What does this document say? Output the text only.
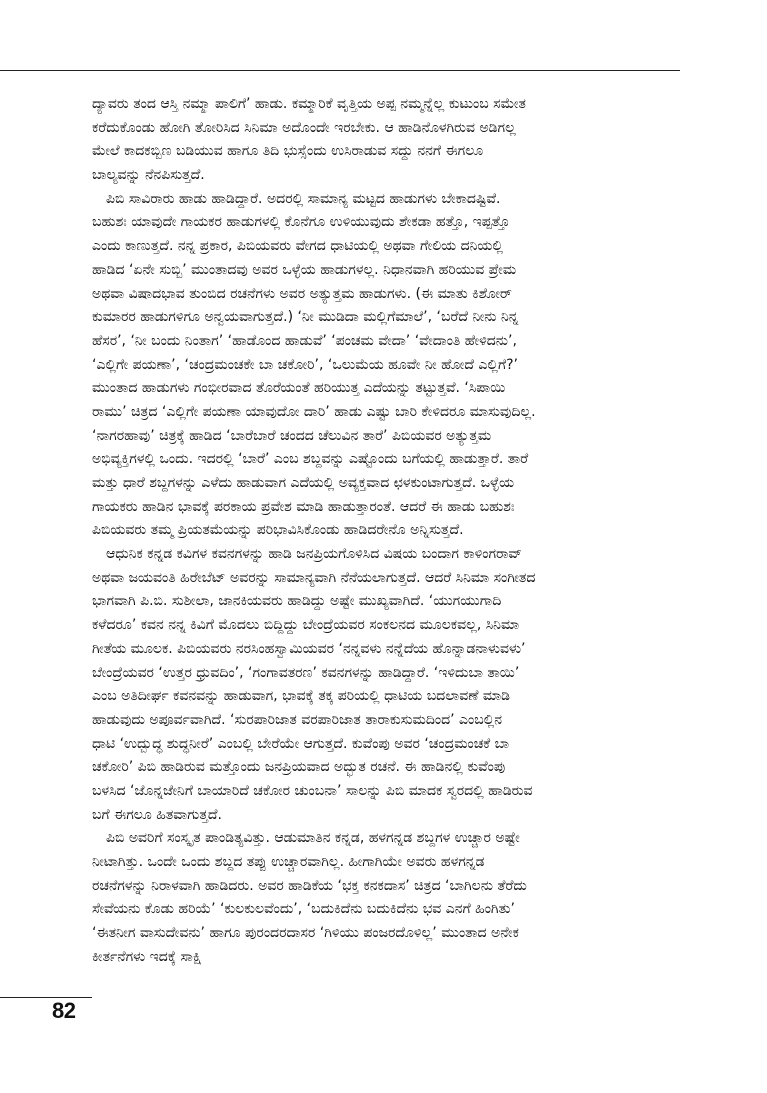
ದ್ಯಾವರು ತಂದ ಆಸ್ತಿ ನಮ್ಮಾ ಪಾಲಿಗೆ’ ಹಾಡು. ಕಮ್ಮಾರಿಕೆ ವೃತ್ತಿಯ ಅಪ್ಪ ನಮ್ಮನ್ನೆಲ್ಲ ಕುಟುಂಬ ಸಮೇತ
ಕರೆದುಕೊಂಡು ಹೋಗಿ ತೋರಿಸಿದ ಸಿನಿಮಾ ಅದೊಂದೇ ಇರಬೇಕು. ಆ ಹಾಡಿನೊಳಗಿರುವ ಅಡಿಗಲ್ಲ
ಮೇಲೆ ಕಾದಕಬ್ಬಿಣ ಬಡಿಯುವ ಹಾಗೂ ತಿದಿ ಭುಸ್ಸೆಂದು ಉಸಿರಾಡುವ ಸದ್ದು ನನಗೆ ಈಗಲೂ
ಬಾಲ್ಯವನ್ನು ನೆನಪಿಸುತ್ತದೆ.
ಪಿಬಿ ಸಾವಿರಾರು ಹಾಡು ಹಾಡಿದ್ದಾರೆ. ಅದರಲ್ಲಿ ಸಾಮಾನ್ಯ ಮಟ್ಟದ ಹಾಡುಗಳು ಬೇಕಾದಷ್ಟಿವೆ.
ಬಹುಶಃ ಯಾವುದೇ ಗಾಯಕರ ಹಾಡುಗಳಲ್ಲಿ ಕೊನೆಗೂ ಉಳಿಯುವುದು ಶೇಕಡಾ ಹತ್ತೊ, ಇಪ್ಪತ್ತೊ
ಎಂದು ಕಾಣುತ್ತದೆ. ನನ್ನ ಪ್ರಕಾರ, ಪಿಬಿಯವರು ವೇಗದ ಧಾಟಿಯಲ್ಲಿ ಅಥವಾ ಗೇಲಿಯ ದನಿಯಲ್ಲಿ
ಹಾಡಿದ ‘ಏನೇ ಸುಬ್ಬಿ’ ಮುಂತಾದವು ಅವರ ಒಳ್ಳೆಯ ಹಾಡುಗಳಲ್ಲ. ನಿಧಾನವಾಗಿ ಹರಿಯುವ ಪ್ರೇಮ
ಅಥವಾ ವಿಷಾದಭಾವ ತುಂಬಿದ ರಚನೆಗಳು ಅವರ ಅತ್ಯುತ್ತಮ ಹಾಡುಗಳು. (ಈ ಮಾತು ಕಿಶೋರ್
ಕುಮಾರರ ಹಾಡುಗಳಿಗೂ ಅನ್ವಯವಾಗುತ್ತದೆ.) ‘ನೀ ಮುಡಿದಾ ಮಲ್ಲಿಗೆಮಾಲೆ’, ‘ಬರೆದೆ ನೀನು ನಿನ್ನ
ಹೆಸರ’, ‘ನೀ ಬಂದು ನಿಂತಾಗ’ ‘ಹಾಡೊಂದ ಹಾಡುವೆ’ ‘ಪಂಚಮ ವೇದಾ’ ‘ವೇದಾಂತಿ ಹೇಳಿದನು’,
‘ಎಲ್ಲಿಗೇ ಪಯಣಾ’, ‘ಚಂದ್ರಮಂಚಕೇ ಬಾ ಚಕೋರಿ’, ‘ಒಲುಮೆಯ ಹೂವೇ ನೀ ಹೋದೆ ಎಲ್ಲಿಗೆ?’
ಮುಂತಾದ ಹಾಡುಗಳು ಗಂಭೀರವಾದ ತೊರೆಯಂತೆ ಹರಿಯುತ್ತ ಎದೆಯನ್ನು ತಟ್ಟುತ್ತವೆ. ‘ಸಿಪಾಯಿ
ರಾಮು’ ಚಿತ್ರದ ‘ಎಲ್ಲಿಗೇ ಪಯಣಾ ಯಾವುದೋ ದಾರಿ’ ಹಾಡು ಎಷ್ಟು ಬಾರಿ ಕೇಳಿದರೂ ಮಾಸುವುದಿಲ್ಲ.
‘ನಾಗರಹಾವು’ ಚಿತ್ರಕ್ಕೆ ಹಾಡಿದ ‘ಬಾರೆಬಾರೆ ಚಂದದ ಚೆಲುವಿನ ತಾರೆ’ ಪಿಬಿಯವರ ಅತ್ಯುತ್ತಮ
ಅಭಿವ್ಯಕ್ತಿಗಳಲ್ಲಿ ಒಂದು. ಇದರಲ್ಲಿ ‘ಬಾರೆ’ ಎಂಬ ಶಬ್ದವನ್ನು ಎಷ್ಟೊಂದು ಬಗೆಯಲ್ಲಿ ಹಾಡುತ್ತಾರೆ. ತಾರೆ
ಮತ್ತು ಧಾರೆ ಶಬ್ದಗಳನ್ನು ಎಳೆದು ಹಾಡುವಾಗ ಎದೆಯಲ್ಲಿ ಅವ್ಯಕ್ತವಾದ ಛಳಕುಂಟಾಗುತ್ತದೆ. ಒಳ್ಳೆಯ
ಗಾಯಕರು ಹಾಡಿನ ಭಾವಕ್ಕೆ ಪರಕಾಯ ಪ್ರವೇಶ ಮಾಡಿ ಹಾಡುತ್ತಾರಂತೆ. ಆದರೆ ಈ ಹಾಡು ಬಹುಶಃ
ಪಿಬಿಯವರು ತಮ್ಮ ಪ್ರಿಯತಮೆಯನ್ನು ಪರಿಭಾವಿಸಿಕೊಂಡು ಹಾಡಿದರೇನೊ ಅನ್ನಿಸುತ್ತದೆ.
ಆಧುನಿಕ ಕನ್ನಡ ಕವಿಗಳ ಕವನಗಳನ್ನು ಹಾಡಿ ಜನಪ್ರಿಯಗೊಳಿಸಿದ ವಿಷಯ ಬಂದಾಗ ಕಾಳಿಂಗರಾವ್
ಅಥವಾ ಜಯವಂತಿ ಹಿರೇಬೆಟ್ ಅವರನ್ನು ಸಾಮಾನ್ಯವಾಗಿ ನೆನೆಯಲಾಗುತ್ತದೆ. ಆದರೆ ಸಿನಿಮಾ ಸಂಗೀತದ
ಭಾಗವಾಗಿ ಪಿ.ಬಿ. ಸುಶೀಲಾ, ಜಾನಕಿಯವರು ಹಾಡಿದ್ದು ಅಷ್ಟೇ ಮುಖ್ಯವಾಗಿದೆ. ‘ಯುಗಯುಗಾದಿ
ಕಳೆದರೂ’ ಕವನ ನನ್ನ ಕಿವಿಗೆ ಮೊದಲು ಬಿದ್ದಿದ್ದು ಬೇಂದ್ರೆಯವರ ಸಂಕಲನದ ಮೂಲಕವಲ್ಲ, ಸಿನಿಮಾ
ಗೀತೆಯ ಮೂಲಕ. ಪಿಬಿಯವರು ನರಸಿಂಹಸ್ವಾಮಿಯವರ ‘ನನ್ನವಳು ನನ್ನೆದೆಯ ಹೊನ್ನಾಡನಾಳುವಳು’
ಬೇಂದ್ರೆಯವರ ‘ಉತ್ತರ ಧ್ರುವದಿಂ’, ‘ಗಂಗಾವತರಣ’ ಕವನಗಳನ್ನು ಹಾಡಿದ್ದಾರೆ. ‘ಇಳಿದುಬಾ ತಾಯಿ’
ಎಂಬ ಅತಿದೀರ್ಘ ಕವನವನ್ನು ಹಾಡುವಾಗ, ಭಾವಕ್ಕೆ ತಕ್ಕ ಪರಿಯಲ್ಲಿ ಧಾಟಿಯ ಬದಲಾವಣೆ ಮಾಡಿ
ಹಾಡುವುದು ಅಪೂರ್ವವಾಗಿದೆ. ‘ಸುರಪಾರಿಜಾತ ವರಪಾರಿಜಾತ ತಾರಾಕುಸುಮದಿಂದ’ ಎಂಬಲ್ಲಿನ
ಧಾಟಿ ‘ಉದ್ಬುದ್ಧ ಶುದ್ಧನೀರೆ’ ಎಂಬಲ್ಲಿ ಬೇರೆಯೇ ಆಗುತ್ತದೆ. ಕುವೆಂಪು ಅವರ ‘ಚಂದ್ರಮಂಚಕೆ ಬಾ
ಚಕೋರಿ’ ಪಿಬಿ ಹಾಡಿರುವ ಮತ್ತೊಂದು ಜನಪ್ರಿಯವಾದ ಅದ್ಭುತ ರಚನೆ. ಈ ಹಾಡಿನಲ್ಲಿ ಕುವೆಂಪು
ಬಳಸಿದ ‘ಜೊನ್ನಜೇನಿಗೆ ಬಾಯಾರಿದೆ ಚಕೋರ ಚುಂಬನಾ’ ಸಾಲನ್ನು ಪಿಬಿ ಮಾದಕ ಸ್ವರದಲ್ಲಿ ಹಾಡಿರುವ
ಬಗೆ ಈಗಲೂ ಹಿತವಾಗುತ್ತದೆ.
ಪಿಬಿ ಅವರಿಗೆ ಸಂಸ್ಕೃತ ಪಾಂಡಿತ್ಯವಿತ್ತು. ಆಡುಮಾತಿನ ಕನ್ನಡ, ಹಳಗನ್ನಡ ಶಬ್ದಗಳ ಉಚ್ಚಾರ ಅಷ್ಟೇ
ನೀಟಾಗಿತ್ತು. ಒಂದೇ ಒಂದು ಶಬ್ದದ ತಪ್ಪು ಉಚ್ಚಾರವಾಗಿಲ್ಲ. ಹೀಗಾಗಿಯೇ ಅವರು ಹಳಗನ್ನಡ
ರಚನೆಗಳನ್ನು ನಿರಾಳವಾಗಿ ಹಾಡಿದರು. ಅವರ ಹಾಡಿಕೆಯ ‘ಭಕ್ತ ಕನಕದಾಸ’ ಚಿತ್ರದ ‘ಬಾಗಿಲನು ತೆರೆದು
ಸೇವೆಯನು ಕೊಡು ಹರಿಯೆ’ ‘ಕುಲಕುಲವೆಂದು’, ‘ಬದುಕಿದೆನು ಬದುಕಿದೆನು ಭವ ಎನಗೆ ಹಿಂಗಿತು’
‘ಈತನೀಗ ವಾಸುದೇವನು’ ಹಾಗೂ ಪುರಂದರದಾಸರ ‘ಗಿಳಿಯು ಪಂಜರದೊಳಿಲ್ಲ’ ಮುಂತಾದ ಅನೇಕ
ಕೀರ್ತನೆಗಳು ಇದಕ್ಕೆ ಸಾಕ್ಷಿ
82
